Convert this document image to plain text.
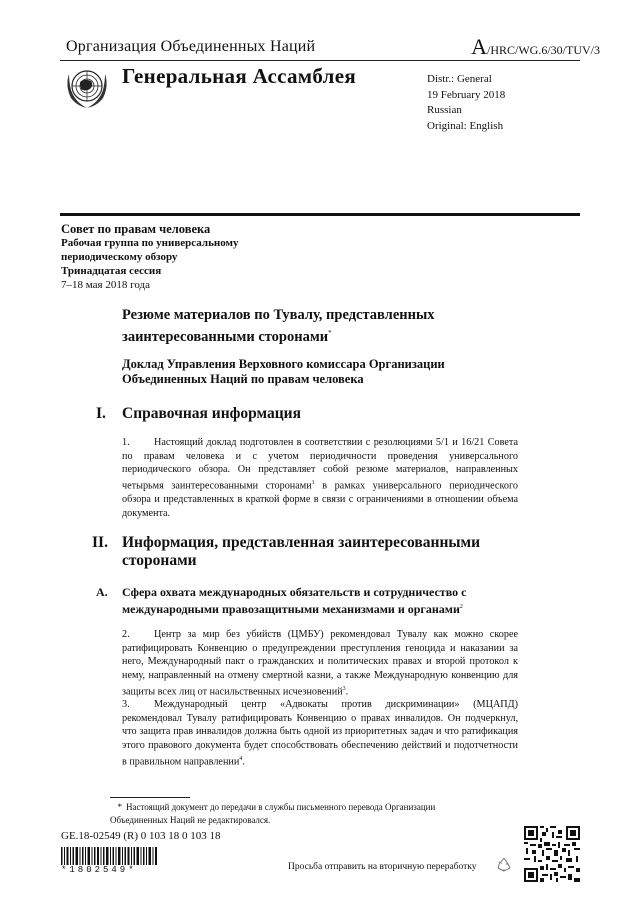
Организация Объединенных Наций	A/HRC/WG.6/30/TUV/3
Генеральная Ассамблея	Distr.: General
19 February 2018
Russian
Original: English
Совет по правам человека
Рабочая группа по универсальному
периодическому обзору
Тринадцатая сессия
7–18 мая 2018 года
Резюме материалов по Тувалу, представленных заинтересованными сторонами*
Доклад Управления Верховного комиссара Организации Объединенных Наций по правам человека
I. Справочная информация
1. Настоящий доклад подготовлен в соответствии с резолюциями 5/1 и 16/21 Совета по правам человека и с учетом периодичности проведения универсального периодического обзора. Он представляет собой резюме материалов, направленных четырьмя заинтересованными сторонами$^1$ в рамках универсального периодического обзора и представленных в краткой форме в связи с ограничениями в отношении объема документа.
II. Информация, представленная заинтересованными сторонами
A. Сфера охвата международных обязательств и сотрудничество с международными правозащитными механизмами и органами$^2$
2. Центр за мир без убийств (ЦМБУ) рекомендовал Тувалу как можно скорее ратифицировать Конвенцию о предупреждении преступления геноцида и наказании за него, Международный пакт о гражданских и политических правах и второй протокол к нему, направленный на отмену смертной казни, а также Международную конвенцию для защиты всех лиц от насильственных исчезновений$^3$.
3. Международный центр «Адвокаты против дискриминации» (МЦАПД) рекомендовал Тувалу ратифицировать Конвенцию о правах инвалидов. Он подчеркнул, что защита прав инвалидов должна быть одной из приоритетных задач и что ратификация этого правового документа будет способствовать обеспечению действий и подотчетности в правильном направлении$^4$.
* Настоящий документ до передачи в службы письменного перевода Организации Объединенных Наций не редактировался.
GE.18-02549 (R) 0 103 18 0 103 18
*1802549*	Просьба отправить на вторичную переработку
